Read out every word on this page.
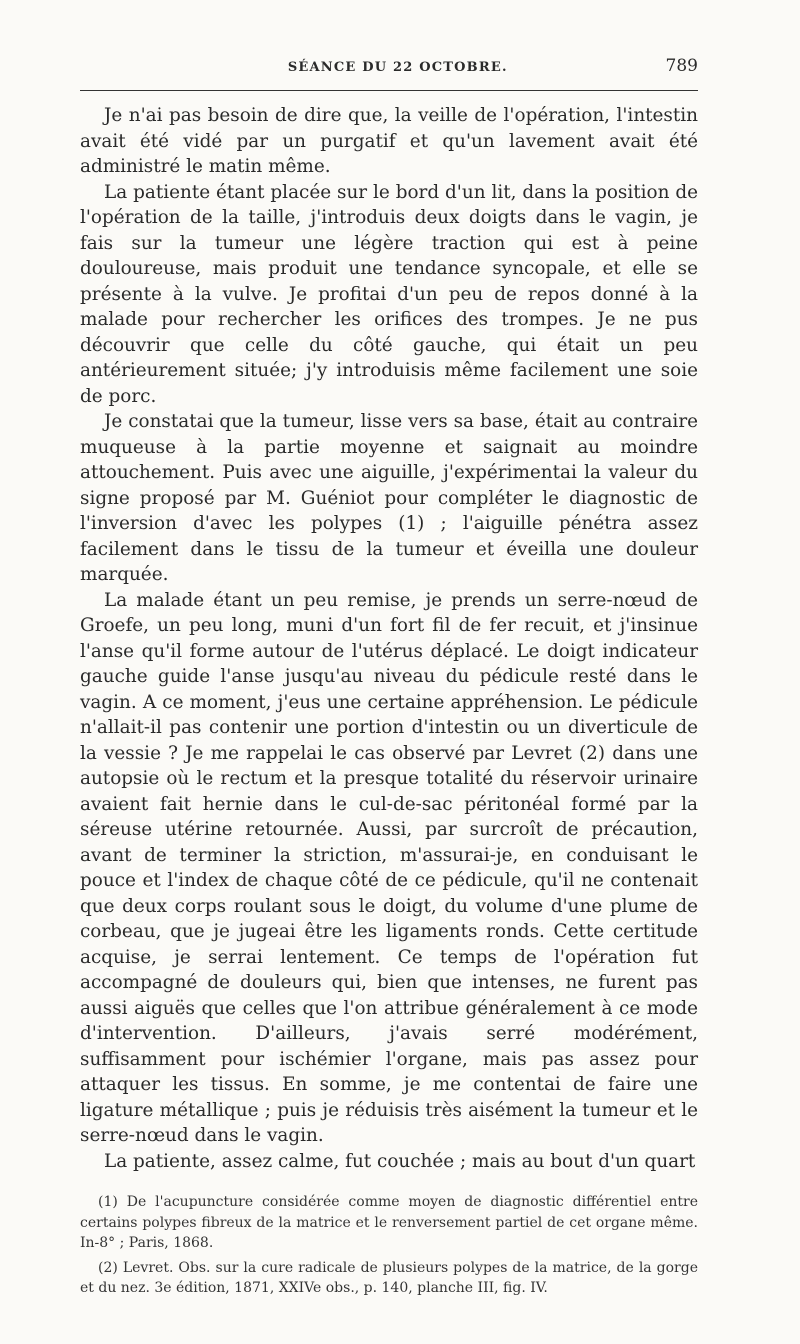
SÉANCE DU 22 OCTOBRE.	789

Je n'ai pas besoin de dire que, la veille de l'opération, l'intestin avait été vidé par un purgatif et qu'un lavement avait été administré le matin même.

La patiente étant placée sur le bord d'un lit, dans la position de l'opération de la taille, j'introduis deux doigts dans le vagin, je fais sur la tumeur une légère traction qui est à peine douloureuse, mais produit une tendance syncopale, et elle se présente à la vulve. Je profitai d'un peu de repos donné à la malade pour rechercher les orifices des trompes. Je ne pus découvrir que celle du côté gauche, qui était un peu antérieurement située; j'y introduisis même facilement une soie de porc.

Je constatai que la tumeur, lisse vers sa base, était au contraire muqueuse à la partie moyenne et saignait au moindre attouchement. Puis avec une aiguille, j'expérimentai la valeur du signe proposé par M. Guéniot pour compléter le diagnostic de l'inversion d'avec les polypes (1) ; l'aiguille pénétra assez facilement dans le tissu de la tumeur et éveilla une douleur marquée.

La malade étant un peu remise, je prends un serre-nœud de Groefe, un peu long, muni d'un fort fil de fer recuit, et j'insinue l'anse qu'il forme autour de l'utérus déplacé. Le doigt indicateur gauche guide l'anse jusqu'au niveau du pédicule resté dans le vagin. A ce moment, j'eus une certaine appréhension. Le pédicule n'allait-il pas contenir une portion d'intestin ou un diverticule de la vessie ? Je me rappelai le cas observé par Levret (2) dans une autopsie où le rectum et la presque totalité du réservoir urinaire avaient fait hernie dans le cul-de-sac péritonéal formé par la séreuse utérine retournée. Aussi, par surcroît de précaution, avant de terminer la striction, m'assurai-je, en conduisant le pouce et l'index de chaque côté de ce pédicule, qu'il ne contenait que deux corps roulant sous le doigt, du volume d'une plume de corbeau, que je jugeai être les ligaments ronds. Cette certitude acquise, je serrai lentement. Ce temps de l'opération fut accompagné de douleurs qui, bien que intenses, ne furent pas aussi aiguës que celles que l'on attribue généralement à ce mode d'intervention. D'ailleurs, j'avais serré modérément, suffisamment pour ischémier l'organe, mais pas assez pour attaquer les tissus. En somme, je me contentai de faire une ligature métallique ; puis je réduisis très aisément la tumeur et le serre-nœud dans le vagin.

La patiente, assez calme, fut couchée ; mais au bout d'un quart

(1) De l'acupuncture considérée comme moyen de diagnostic différentiel entre certains polypes fibreux de la matrice et le renversement partiel de cet organe même. In-8° ; Paris, 1868.

(2) Levret. Obs. sur la cure radicale de plusieurs polypes de la matrice, de la gorge et du nez. 3e édition, 1871, XXIVe obs., p. 140, planche III, fig. IV.
